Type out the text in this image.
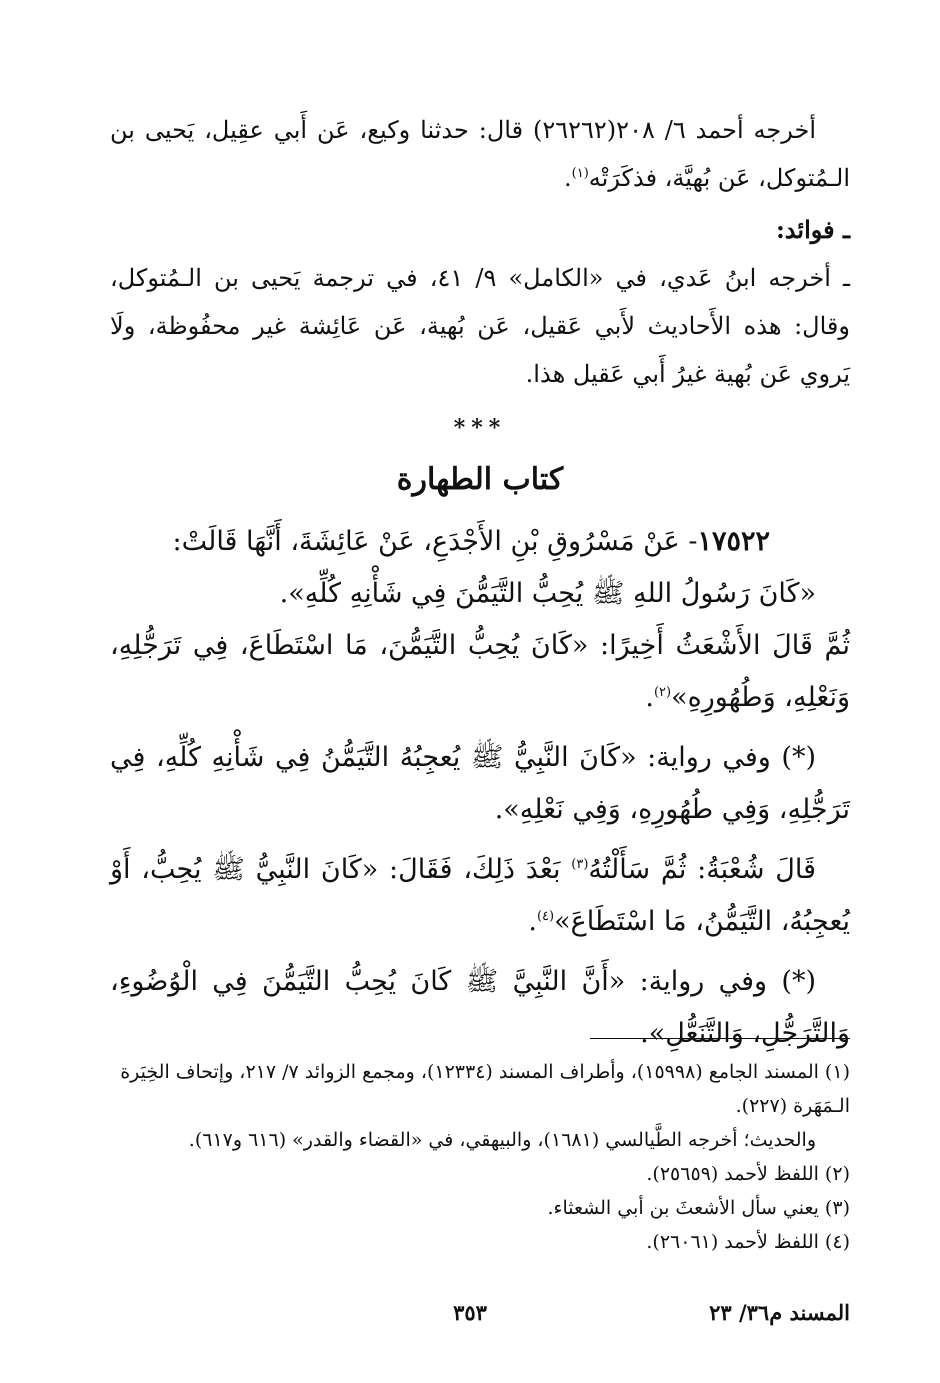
أخرجه أحمد ٦/ ٢٠٨(٢٦٢٦٢) قال: حدثنا وكيع، عَن أَبي عقِيل، يَحيى بن الـمُتوكل، عَن بُهيَّة، فذكَرَتْه$^{(١)}$.

ـ فوائد:

ـ أخرجه ابنُ عَدي، في «الكامل» ٩/ ٤١، في ترجمة يَحيى بن الـمُتوكل، وقال: هذه الأَحاديث لأَبي عَقيل، عَن بُهية، عَن عَائِشة غير محفُوظة، ولَا يَروي عَن بُهية غيرُ أَبي عَقيل هذا.

***
كتاب الطهارة

١٧٥٢٢- عَنْ مَسْرُوقِ بْنِ الأَجْدَعِ، عَنْ عَائِشَةَ، أَنَّهَا قَالَتْ:

«كَانَ رَسُولُ اللهِ ﷺ يُحِبُّ التَّيَمُّنَ فِي شَأْنِهِ كُلِّهِ».

ثُمَّ قَالَ الأَشْعَثُ أَخِيرًا: «كَانَ يُحِبُّ التَّيَمُّنَ، مَا اسْتَطَاعَ، فِي تَرَجُّلِهِ، وَنَعْلِهِ، وَطُهُورِهِ»$^{(٢)}$.

(*) وفي رواية: «كَانَ النَّبِيُّ ﷺ يُعجِبُهُ التَّيَمُّنُ فِي شَأْنِهِ كُلِّهِ، فِي تَرَجُّلِهِ، وَفِي طُهُورِهِ، وَفِي نَعْلِهِ».

قَالَ شُعْبَةُ: ثُمَّ سَأَلْتُهُ$^{(٣)}$ بَعْدَ ذَلِكَ، فَقَالَ: «كَانَ النَّبِيُّ ﷺ يُحِبُّ، أَوْ يُعجِبُهُ، التَّيَمُّنُ، مَا اسْتَطَاعَ»$^{(٤)}$.

(*) وفي رواية: «أَنَّ النَّبِيَّ ﷺ كَانَ يُحِبُّ التَّيَمُّنَ فِي الْوُضُوءِ، وَالتَّرَجُّلِ، وَالتَّنَعُّلِ».

(١) المسند الجامع (١٥٩٩٨)، وأطراف المسند (١٢٣٣٤)، ومجمع الزوائد ٧/ ٢١٧، وإتحاف الخِيَرة الـمَهَرة (٢٢٧).

والحديث؛ أخرجه الطَّيالسي (١٦٨١)، والبيهقي، في «القضاء والقدر» (٦١٦ و٦١٧).

(٢) اللفظ لأحمد (٢٥٦٥٩).

(٣) يعني سأل الأشعثَ بن أبي الشعثاء.

(٤) اللفظ لأحمد (٢٦٠٦١).

المسند م٣٦/ ٢٣
٣٥٣
